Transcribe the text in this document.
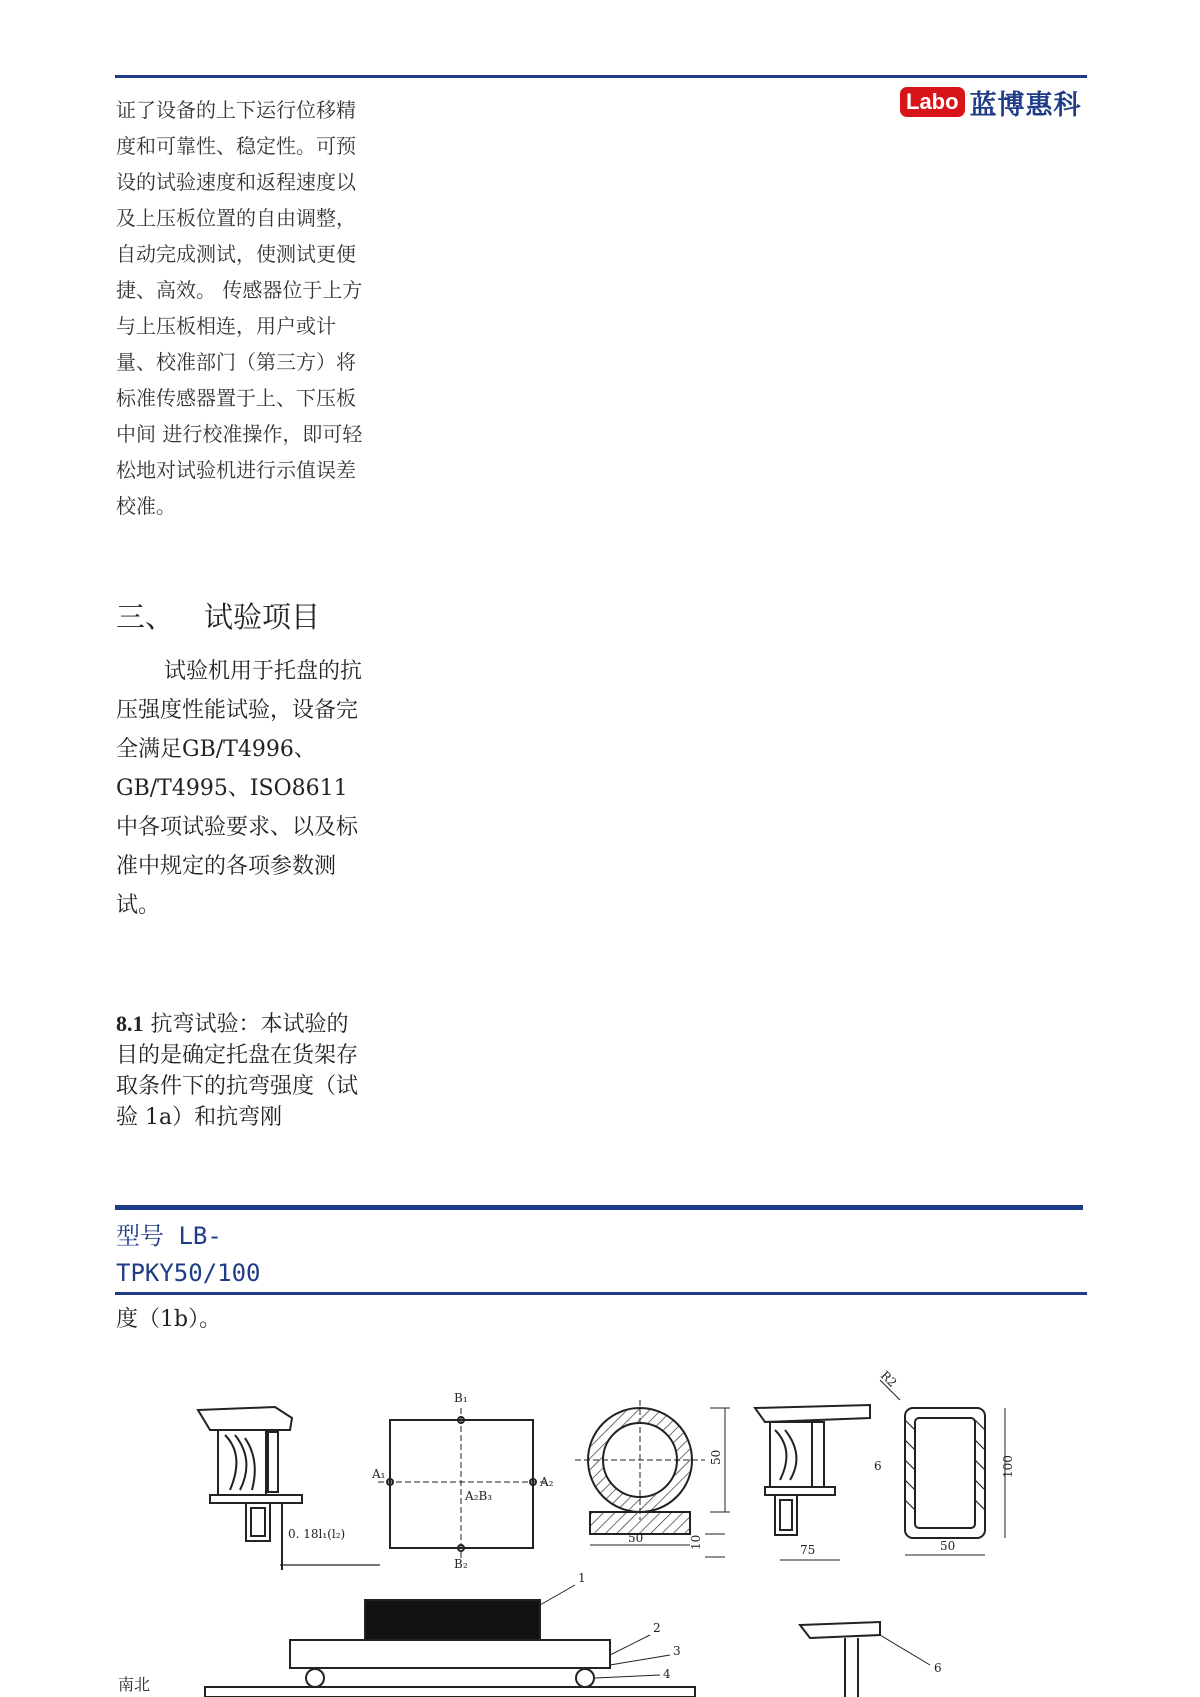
Labo 蓝博惠科
证了设备的上下运行位移精度和可靠性、稳定性。可预设的试验速度和返程速度以及上压板位置的自由调整，自动完成测试，使测试更便捷、高效。 传感器位于上方与上压板相连，用户或计量、校准部门（第三方）将标准传感器置于上、下压板中间 进行校准操作，即可轻松地对试验机进行示值误差校准。
三、 试验项目
试验机用于托盘的抗压强度性能试验，设备完全满足GB/T4996、GB/T4995、ISO8611中各项试验要求、以及标准中规定的各项参数测试。
8.1 抗弯试验：本试验的目的是确定托盘在货架存取条件下的抗弯强度（试验 1a）和抗弯刚
型号 LB-
TPKY50/100
度（1b）。
B₁
B₂
A₁
A₂
A₂B₃
0. 18l₁(l₂)	50
50
10	75	50
100
R2
6
1
2
3
4	6
南北
